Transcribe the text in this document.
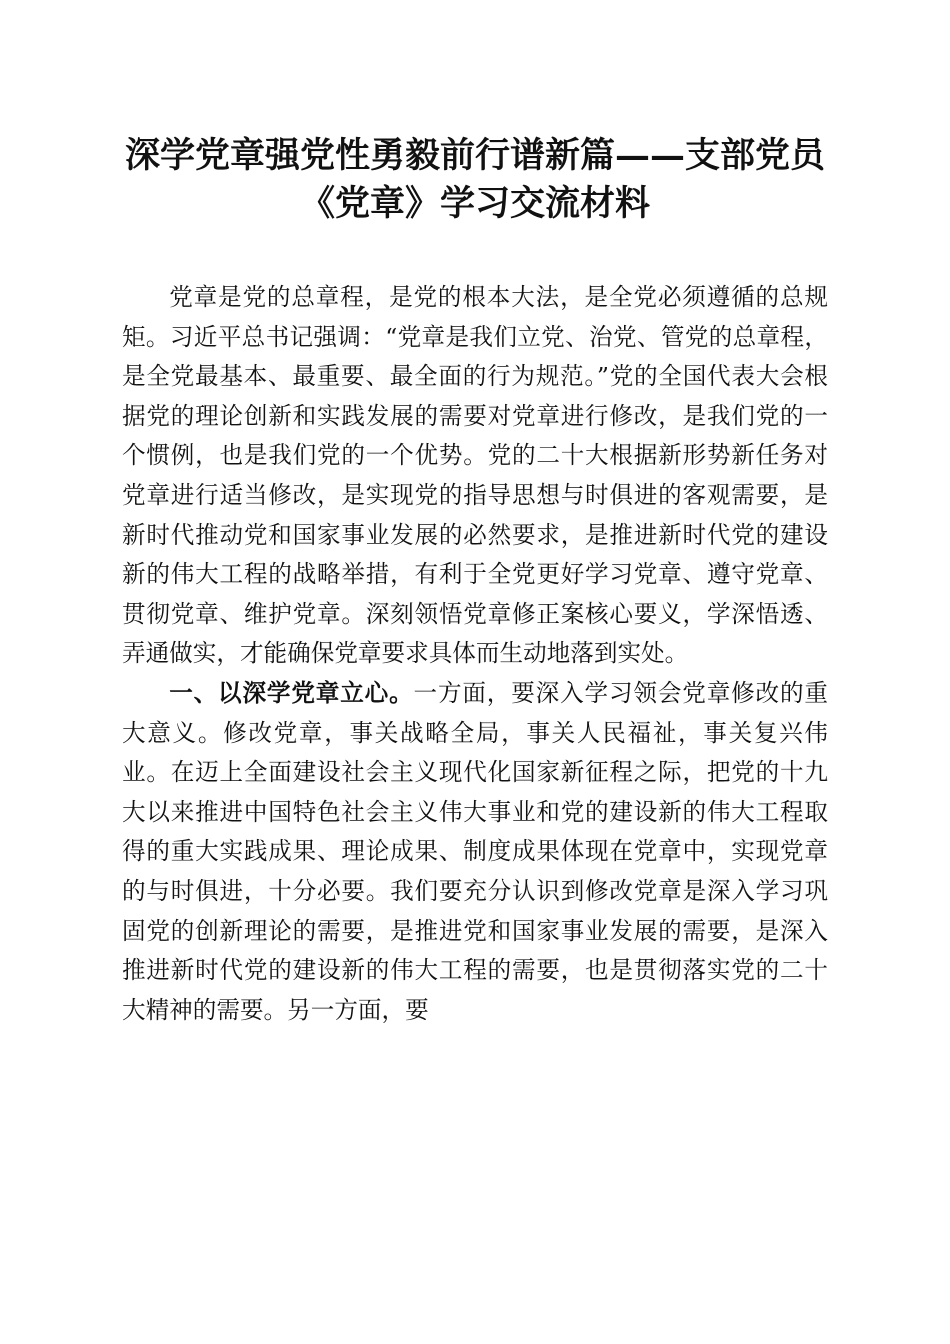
深学党章强党性勇毅前行谱新篇——支部党员
《党章》学习交流材料

党章是党的总章程，是党的根本大法，是全党必须遵循的总规矩。习近平总书记强调：“党章是我们立党、治党、管党的总章程，是全党最基本、最重要、最全面的行为规范。”党的全国代表大会根据党的理论创新和实践发展的需要对党章进行修改，是我们党的一个惯例，也是我们党的一个优势。党的二十大根据新形势新任务对党章进行适当修改，是实现党的指导思想与时俱进的客观需要，是新时代推动党和国家事业发展的必然要求，是推进新时代党的建设新的伟大工程的战略举措，有利于全党更好学习党章、遵守党章、贯彻党章、维护党章。深刻领悟党章修正案核心要义，学深悟透、弄通做实，才能确保党章要求具体而生动地落到实处。

一、以深学党章立心。一方面，要深入学习领会党章修改的重大意义。修改党章，事关战略全局，事关人民福祉，事关复兴伟业。在迈上全面建设社会主义现代化国家新征程之际，把党的十九大以来推进中国特色社会主义伟大事业和党的建设新的伟大工程取得的重大实践成果、理论成果、制度成果体现在党章中，实现党章的与时俱进，十分必要。我们要充分认识到修改党章是深入学习巩固党的创新理论的需要，是推进党和国家事业发展的需要，是深入推进新时代党的建设新的伟大工程的需要，也是贯彻落实党的二十大精神的需要。另一方面，要
